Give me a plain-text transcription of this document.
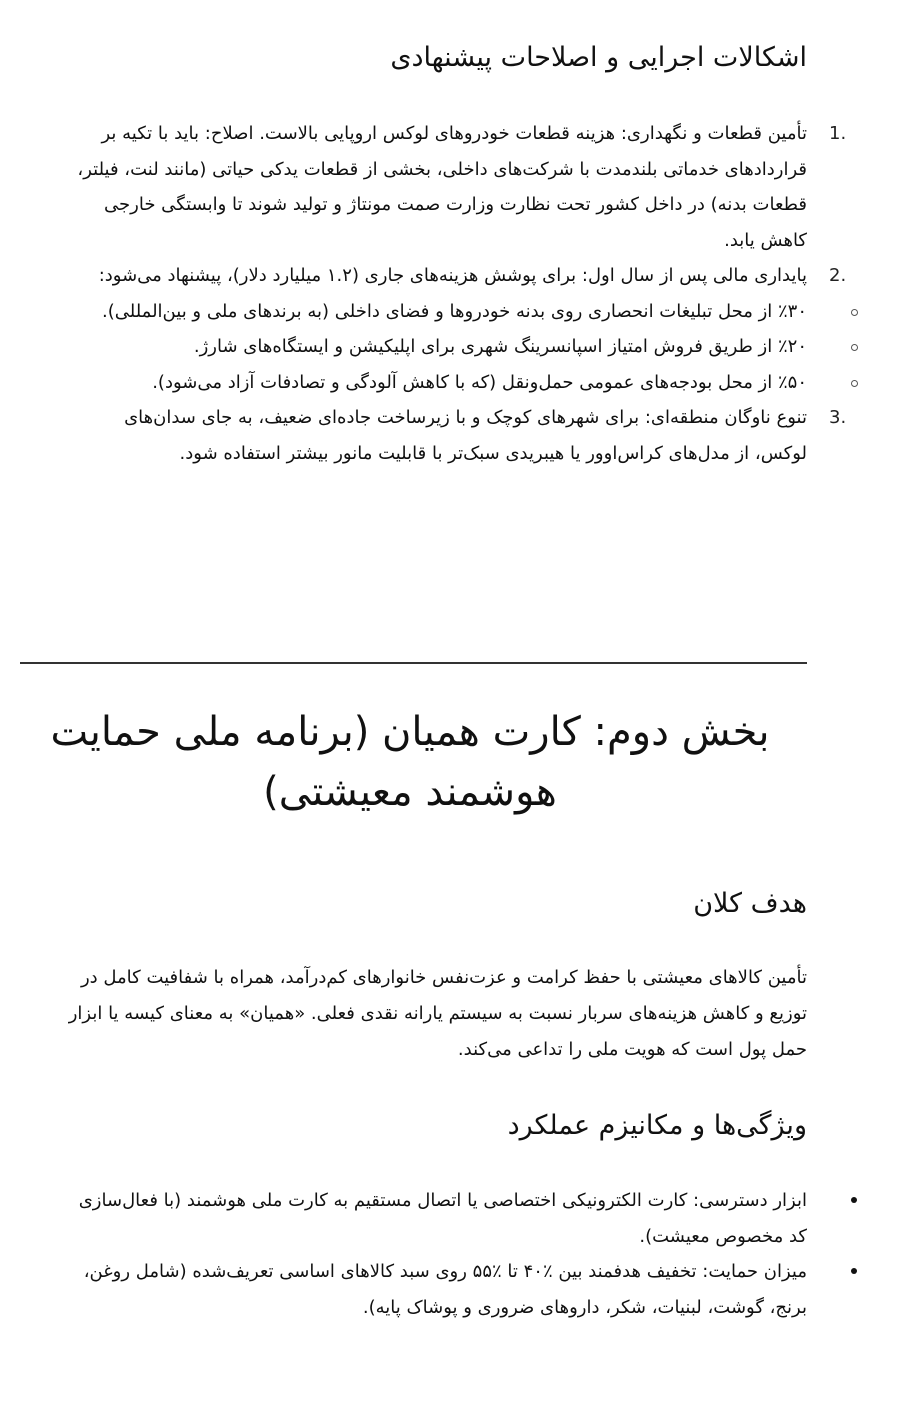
اشکالات اجرایی و اصلاحات پیشنهادی
1.
تأمین قطعات و نگهداری: هزینه قطعات خودروهای لوکس اروپایی بالاست. اصلاح: باید با تکیه بر قراردادهای خدماتی بلندمدت با شرکت‌های داخلی، بخشی از قطعات یدکی حیاتی (مانند لنت، فیلتر، قطعات بدنه) در داخل کشور تحت نظارت وزارت صمت مونتاژ و تولید شوند تا وابستگی خارجی کاهش یابد.
2.
پایداری مالی پس از سال اول: برای پوشش هزینه‌های جاری (۱.۲ میلیارد دلار)، پیشنهاد می‌شود:
٪۳۰ از محل تبلیغات انحصاری روی بدنه خودروها و فضای داخلی (به برندهای ملی و بین‌المللی).
٪۲۰ از طریق فروش امتیاز اسپانسرینگ شهری برای اپلیکیشن و ایستگاه‌های شارژ.
٪۵۰ از محل بودجه‌های عمومی حمل‌ونقل (که با کاهش آلودگی و تصادفات آزاد می‌شود).
3.
تنوع ناوگان منطقه‌ای: برای شهرهای کوچک و با زیرساخت جاده‌ای ضعیف، به جای سدان‌های لوکس، از مدل‌های کراس‌اوور یا هیبریدی سبک‌تر با قابلیت مانور بیشتر استفاده شود.
بخش دوم: کارت همیان (برنامه ملی حمایت هوشمند معیشتی)
هدف کلان

تأمین کالاهای معیشتی با حفظ کرامت و عزت‌نفس خانوارهای کم‌درآمد، همراه با شفافیت کامل در توزیع و کاهش هزینه‌های سربار نسبت به سیستم یارانه نقدی فعلی. «همیان» به معنای کیسه یا ابزار حمل پول است که هویت ملی را تداعی می‌کند.

ویژگی‌ها و مکانیزم عملکرد
ابزار دسترسی: کارت الکترونیکی اختصاصی یا اتصال مستقیم به کارت ملی هوشمند (با فعال‌سازی کد مخصوص معیشت).
میزان حمایت: تخفیف هدفمند بین ٪۴۰ تا ٪۵۵ روی سبد کالاهای اساسی تعریف‌شده (شامل روغن، برنج، گوشت، لبنیات، شکر، داروهای ضروری و پوشاک پایه).
